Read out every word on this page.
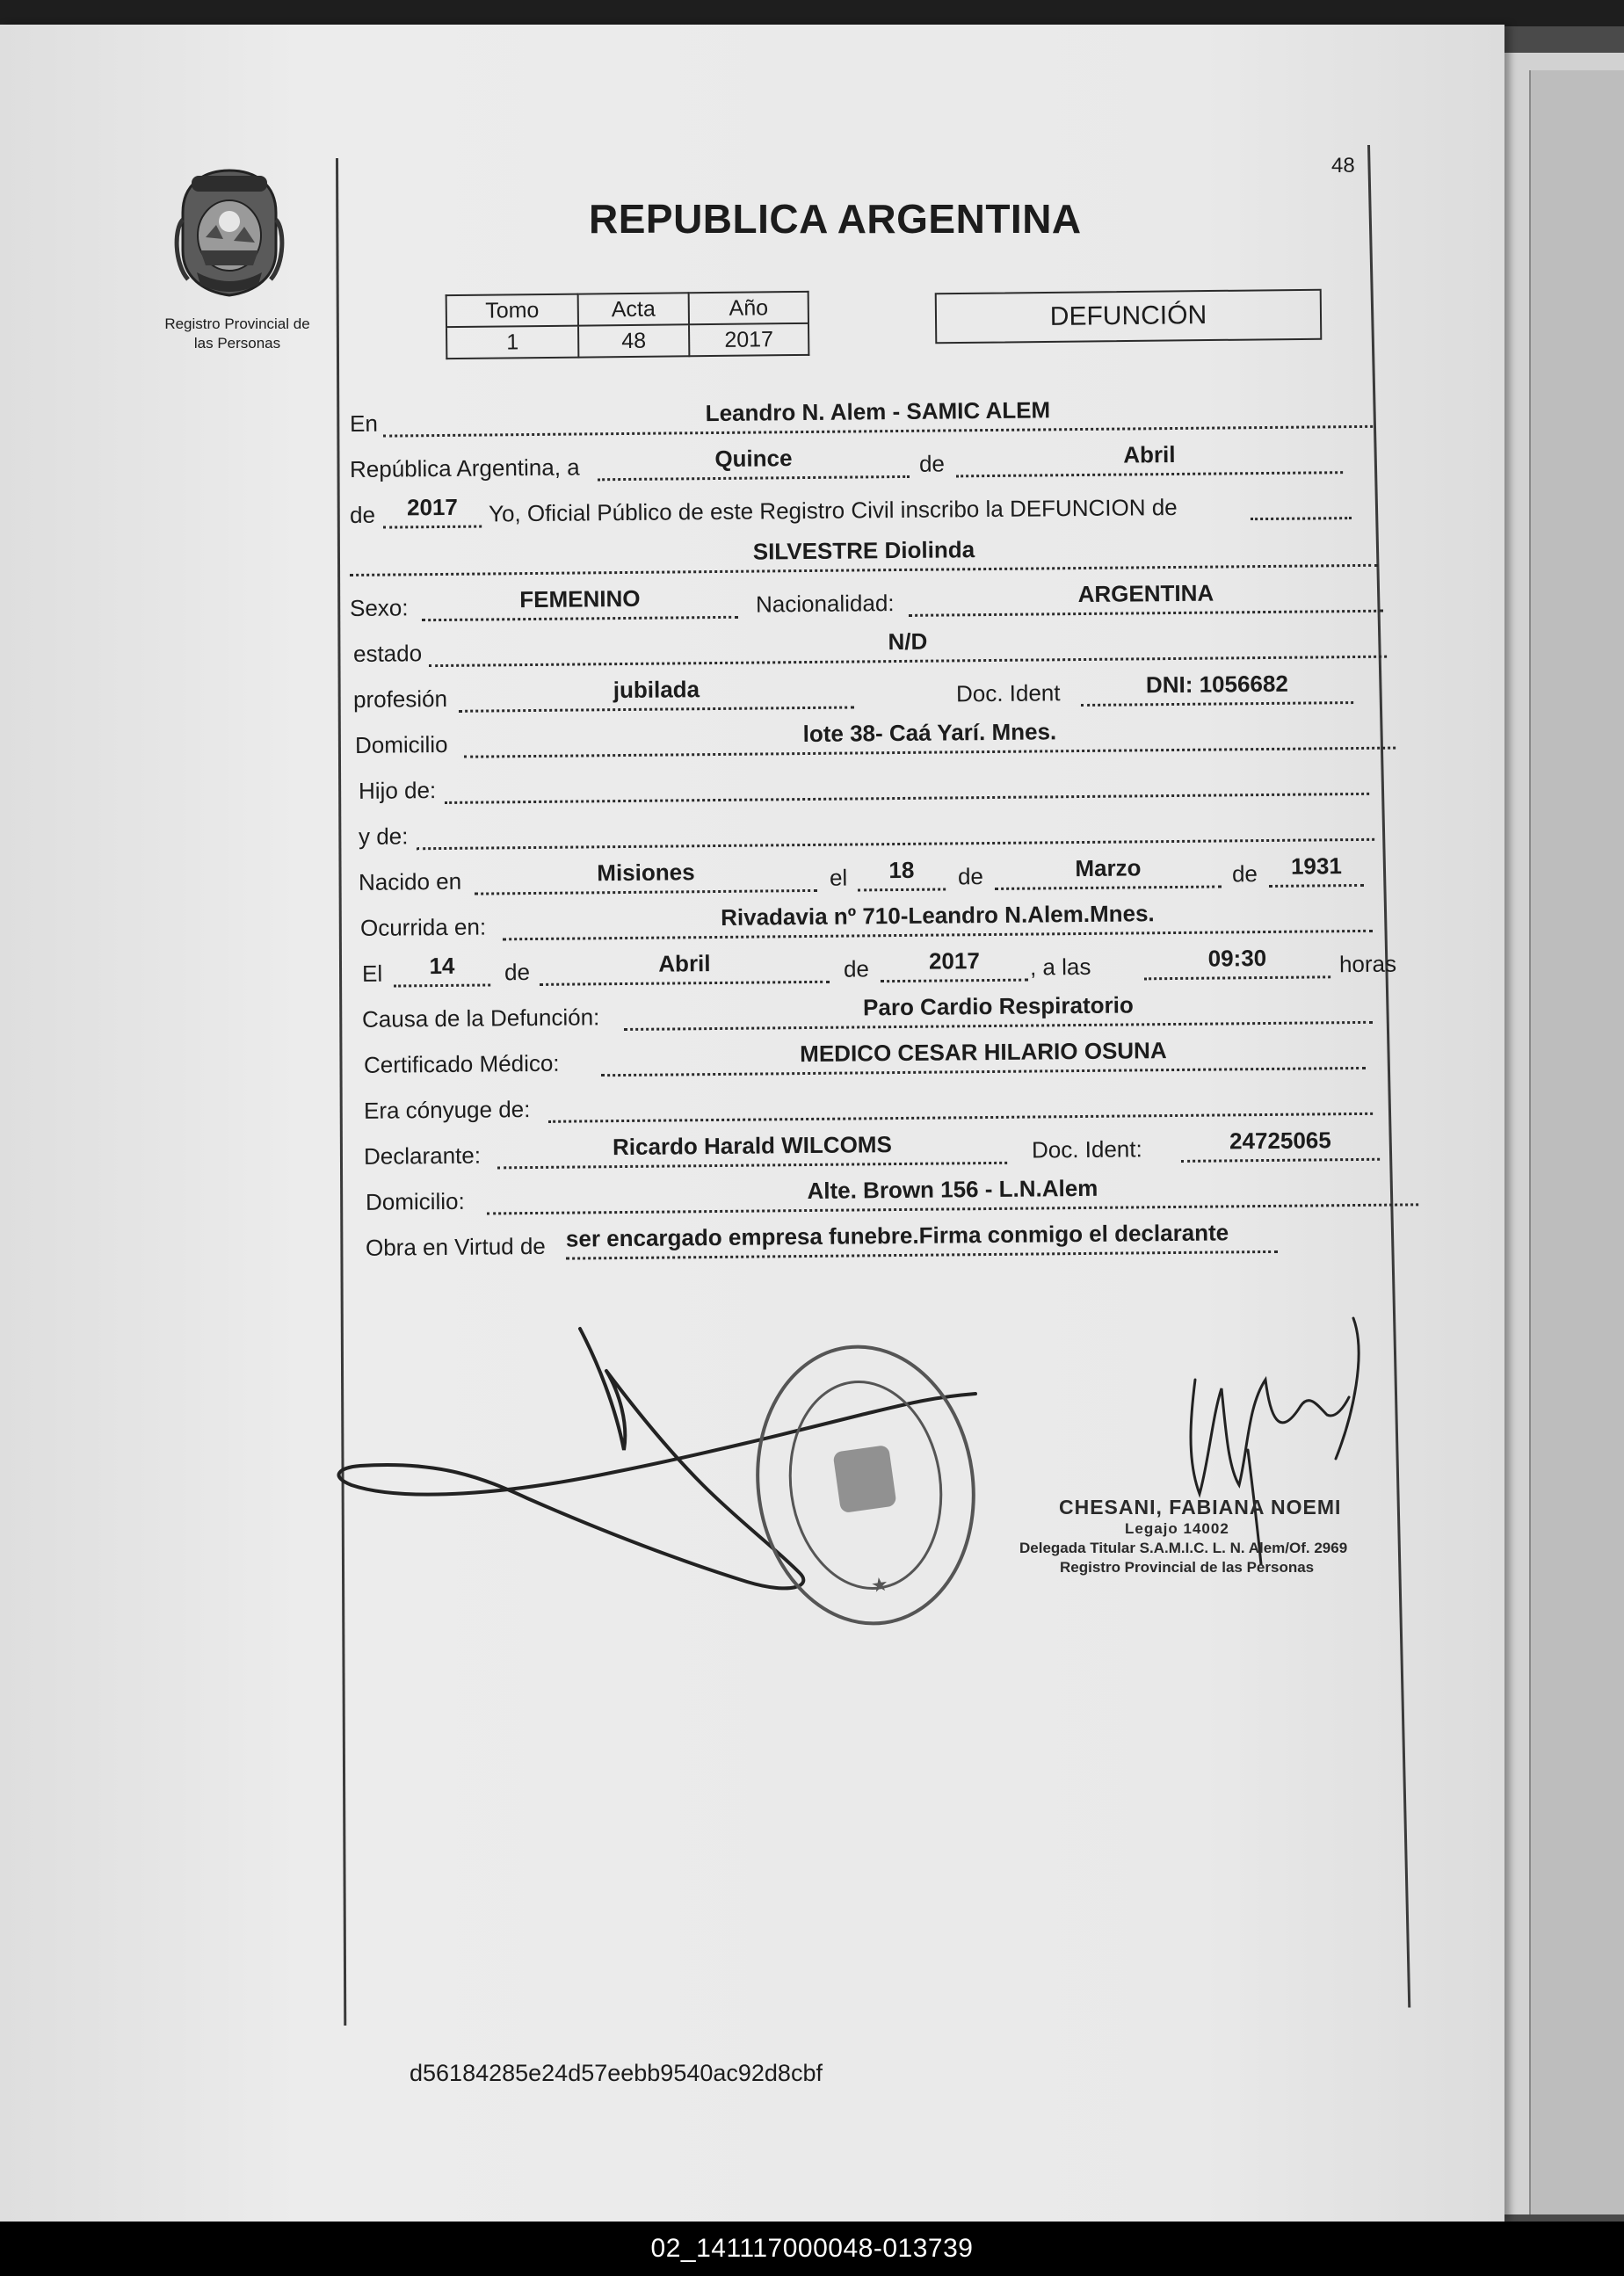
48
Registro Provincial de
las Personas
REPUBLICA ARGENTINA
Tomo	Acta	Año
1	48	2017
DEFUNCIÓN
En	Leandro N. Alem - SAMIC ALEM
República Argentina, a	Quince	de	Abril
de	2017	Yo, Oficial Público de este Registro Civil inscribo la DEFUNCION de
SILVESTRE Diolinda
Sexo:	FEMENINO	Nacionalidad:	ARGENTINA
estado	N/D
profesión	jubilada	Doc. Ident	DNI: 1056682
Domicilio	lote 38- Caá Yarí. Mnes.
Hijo de:
y de:
Nacido en	Misiones	el	18	de	Marzo	de	1931
Ocurrida en:	Rivadavia nº 710-Leandro N.Alem.Mnes.
El	14	de	Abril	de	2017	, a las	09:30	horas
Causa de la Defunción:	Paro Cardio Respiratorio
Certificado Médico:	MEDICO CESAR HILARIO OSUNA
Era cónyuge de:
Declarante:	Ricardo Harald WILCOMS	Doc. Ident:	24725065
Domicilio:	Alte. Brown 156 - L.N.Alem
Obra en Virtud de ser encargado empresa funebre.Firma conmigo el declarante
★
CHESANI, FABIANA NOEMI
Legajo 14002
Delegada Titular S.A.M.I.C. L. N. Alem/Of. 2969
Registro Provincial de las Personas
d56184285e24d57eebb9540ac92d8cbf
02_141117000048-013739
